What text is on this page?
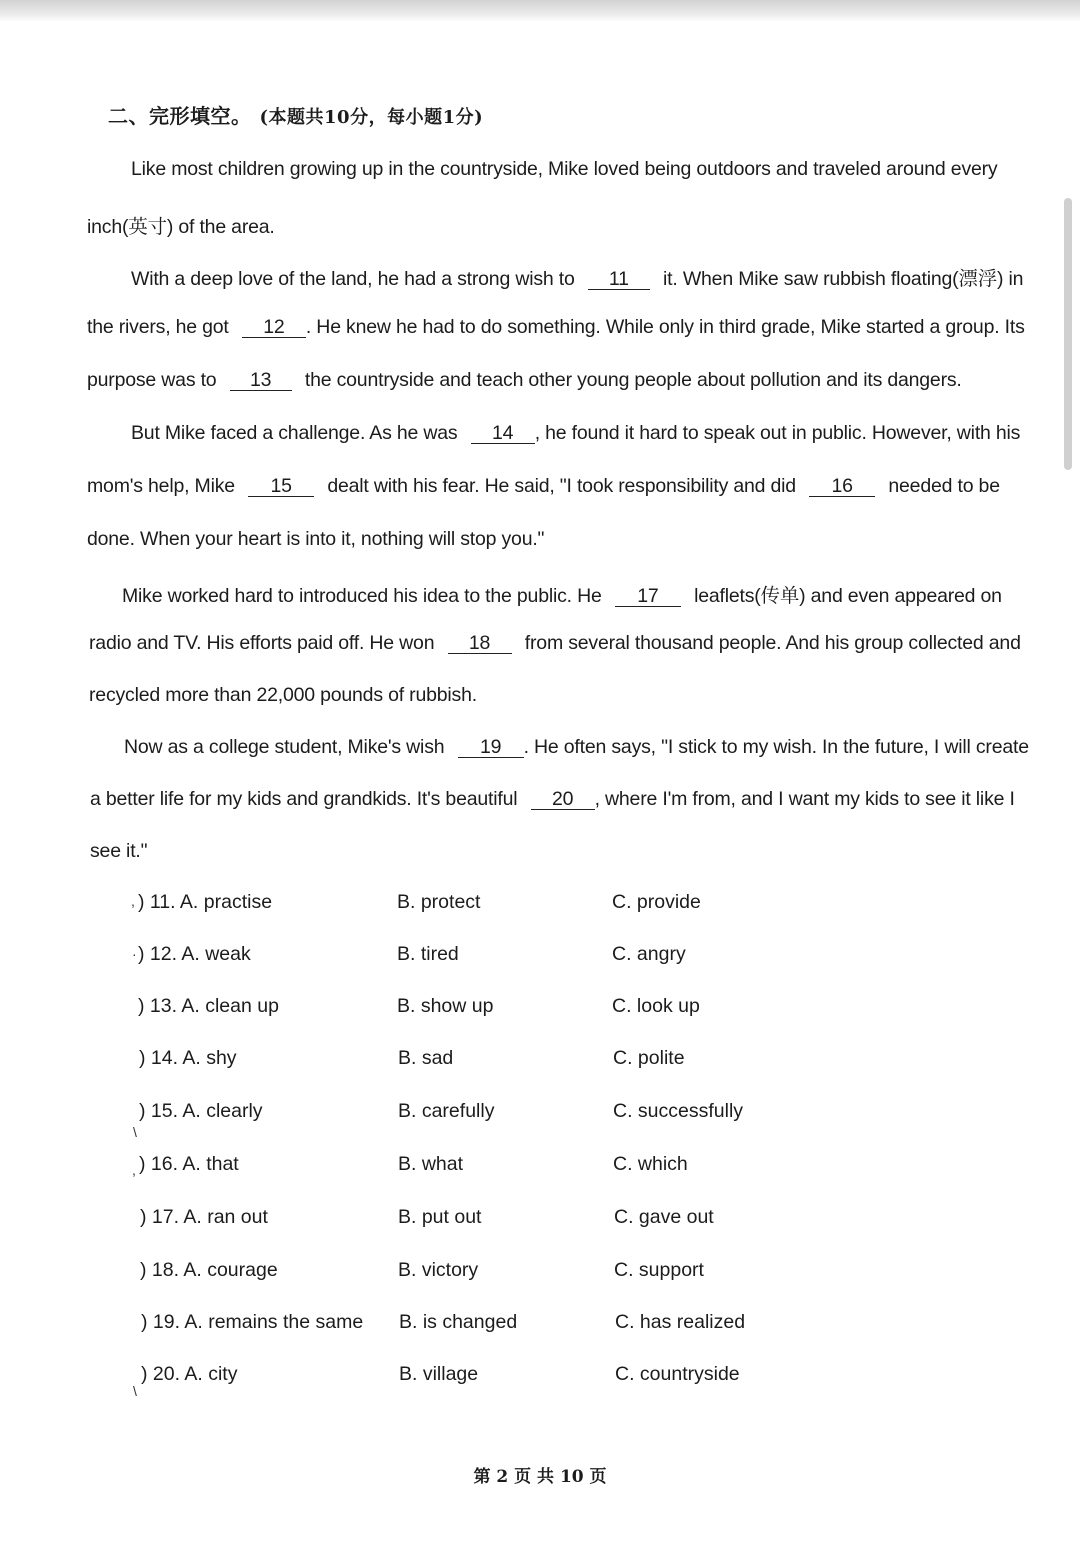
二、完形填空。 (本题共10分，每小题1分)
Like most children growing up in the countryside, Mike loved being outdoors and traveled around every
inch(英寸) of the area.
With a deep love of the land, he had a strong wish to 11 it. When Mike saw rubbish floating(漂浮) in
the rivers, he got 12 . He knew he had to do something. While only in third grade, Mike started a group. Its
purpose was to 13 the countryside and teach other young people about pollution and its dangers.
But Mike faced a challenge. As he was 14 , he found it hard to speak out in public. However, with his
mom's help, Mike 15 dealt with his fear. He said, "I took responsibility and did 16 needed to be
done. When your heart is into it, nothing will stop you."
Mike worked hard to introduced his idea to the public. He 17 leaflets(传单) and even appeared on
radio and TV. His efforts paid off. He won 18 from several thousand people. And his group collected and
recycled more than 22,000 pounds of rubbish.
Now as a college student, Mike's wish 19 . He often says, "I stick to my wish. In the future, I will create
a better life for my kids and grandkids. It's beautiful 20 , where I'm from, and I want my kids to see it like I
see it."
) 11. A. practise	B. protect	C. provide
) 12. A. weak	B. tired	C. angry
) 13. A. clean up	B. show up	C. look up
) 14. A. shy	B. sad	C. polite
) 15. A. clearly	B. carefully	C. successfully
) 16. A. that	B. what	C. which
) 17. A. ran out	B. put out	C. gave out
) 18. A. courage	B. victory	C. support
) 19. A. remains the same B. is changed	C. has realized
) 20. A. city	B. village	C. countryside
,
·
\
,
\
第 2 页 共 10 页
